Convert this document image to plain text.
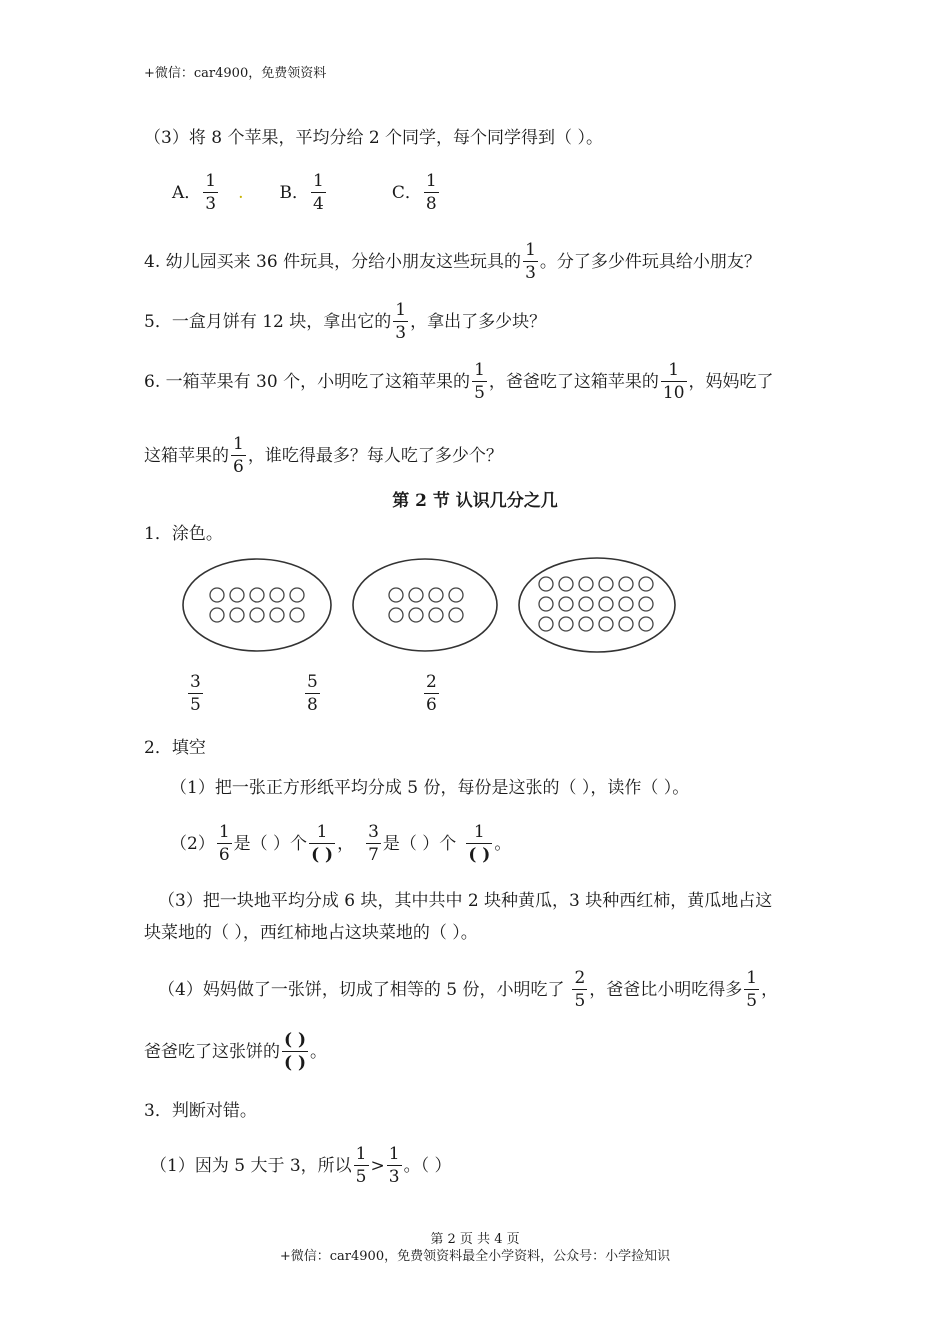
+微信：car4900，免费领资料
（3）将 8 个苹果，平均分给 2 个同学，每个同学得到（ ）。
A． $\frac{1}{3}$ . B． $\frac{1}{4}$	C． $\frac{1}{8}$
4. 幼儿园买来 36 件玩具，分给小朋友这些玩具的 $\frac{1}{3}$ 。分了多少件玩具给小朋友？
5．一盒月饼有 12 块，拿出它的 $\frac{1}{3}$ ，拿出了多少块？
6. 一箱苹果有 30 个，小明吃了这箱苹果的 $\frac{1}{5}$ ，爸爸吃了这箱苹果的 $\frac{1}{10}$ ，妈妈吃了
这箱苹果的 $\frac{1}{6}$ ，谁吃得最多？每人吃了多少个？
第 2 节 认识几分之几
1．涂色。
$\frac{3}{5}$	$\frac{5}{8}$	$\frac{2}{6}$
2．填空
（1）把一张正方形纸平均分成 5 份，每份是这张的（ ），读作（ ）。
$(2) \frac{1}{6}$ 是（ ）个 $\frac{1}{( )}$ ， $\frac{3}{7}$ 是（ ）个 $\frac{1}{( )}$ 。
（3）把一块地平均分成 6 块，其中共中 2 块种黄瓜，3 块种西红柿，黄瓜地占这
块菜地的（ ），西红柿地占这块菜地的（ ）。
（4）妈妈做了一张饼，切成了相等的 5 份，小明吃了 $\frac{2}{5}$ ，爸爸比小明吃得多 $\frac{1}{5}$ ，
爸爸吃了这张饼的 $\frac{( )}{( )}$ 。
3．判断对错。
（1）因为 5 大于 3，所以 $\frac{1}{5} > \frac{1}{3}$ 。（ ）
第 2 页 共 4 页
+微信：car4900，免费领资料最全小学资料，公众号：小学捡知识
